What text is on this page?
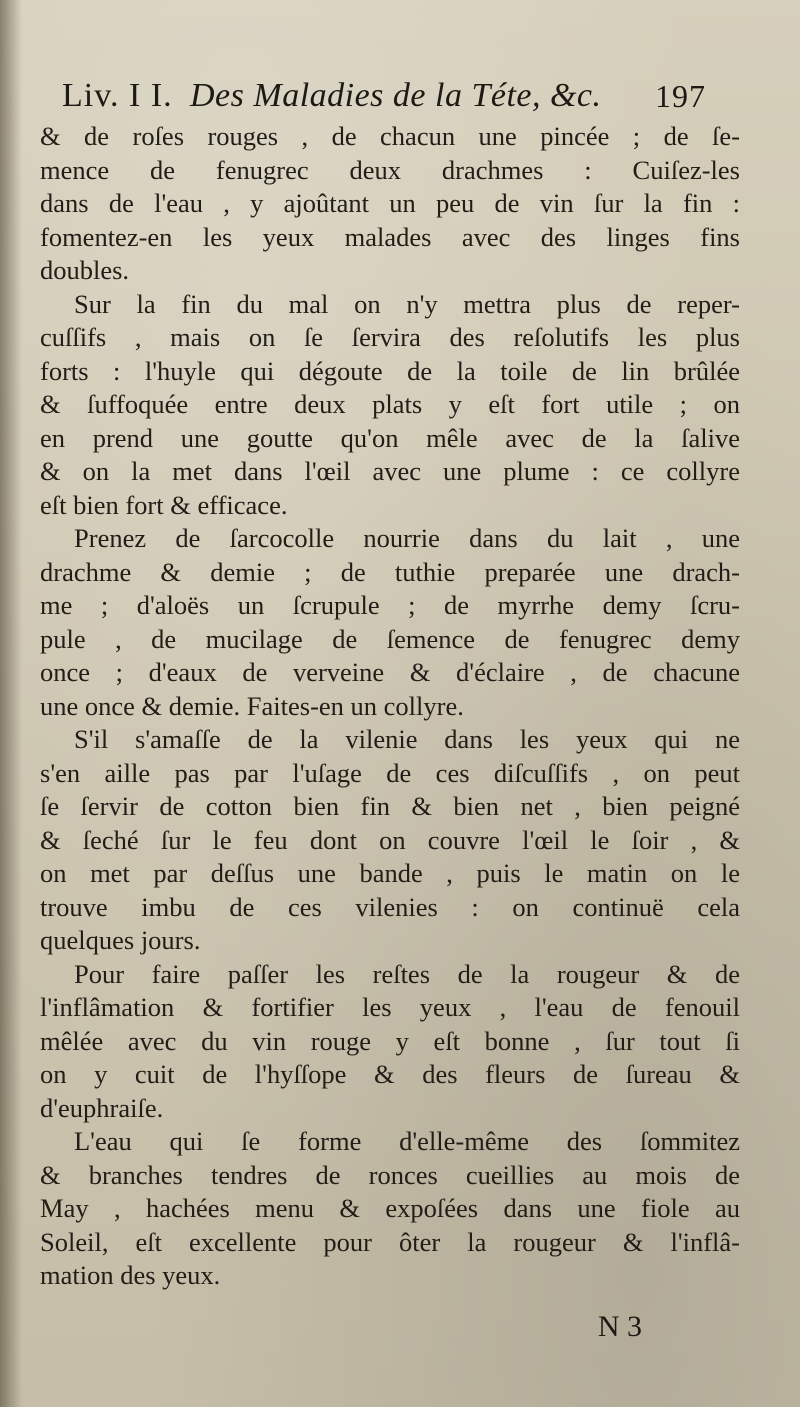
Liv. I I. Des Maladies de la Téte, &c. 197
& de roſes rouges , de chacun une pincée ; de ſe-
mence de fenugrec deux drachmes : Cuiſez-les
dans de l'eau , y ajoûtant un peu de vin ſur la fin :
fomentez-en les yeux malades avec des linges fins
doubles.
Sur la fin du mal on n'y mettra plus de reper-
cuſſifs , mais on ſe ſervira des reſolutifs les plus
forts : l'huyle qui dégoute de la toile de lin brûlée
& ſuffoquée entre deux plats y eſt fort utile ; on
en prend une goutte qu'on mêle avec de la ſalive
& on la met dans l'œil avec une plume : ce collyre
eſt bien fort & efficace.
Prenez de ſarcocolle nourrie dans du lait , une
drachme & demie ; de tuthie preparée une drach-
me ; d'aloës un ſcrupule ; de myrrhe demy ſcru-
pule , de mucilage de ſemence de fenugrec demy
once ; d'eaux de verveine & d'éclaire , de chacune
une once & demie. Faites-en un collyre.
S'il s'amaſſe de la vilenie dans les yeux qui ne
s'en aille pas par l'uſage de ces diſcuſſifs , on peut
ſe ſervir de cotton bien fin & bien net , bien peigné
& ſeché ſur le feu dont on couvre l'œil le ſoir , &
on met par deſſus une bande , puis le matin on le
trouve imbu de ces vilenies : on continuë cela
quelques jours.
Pour faire paſſer les reſtes de la rougeur & de
l'inflâmation & fortifier les yeux , l'eau de fenouil
mêlée avec du vin rouge y eſt bonne , ſur tout ſi
on y cuit de l'hyſſope & des fleurs de ſureau &
d'euphraiſe.
L'eau qui ſe forme d'elle-même des ſommitez
& branches tendres de ronces cueillies au mois de
May , hachées menu & expoſées dans une fiole au
Soleil, eſt excellente pour ôter la rougeur & l'inflâ-
mation des yeux.
N 3
